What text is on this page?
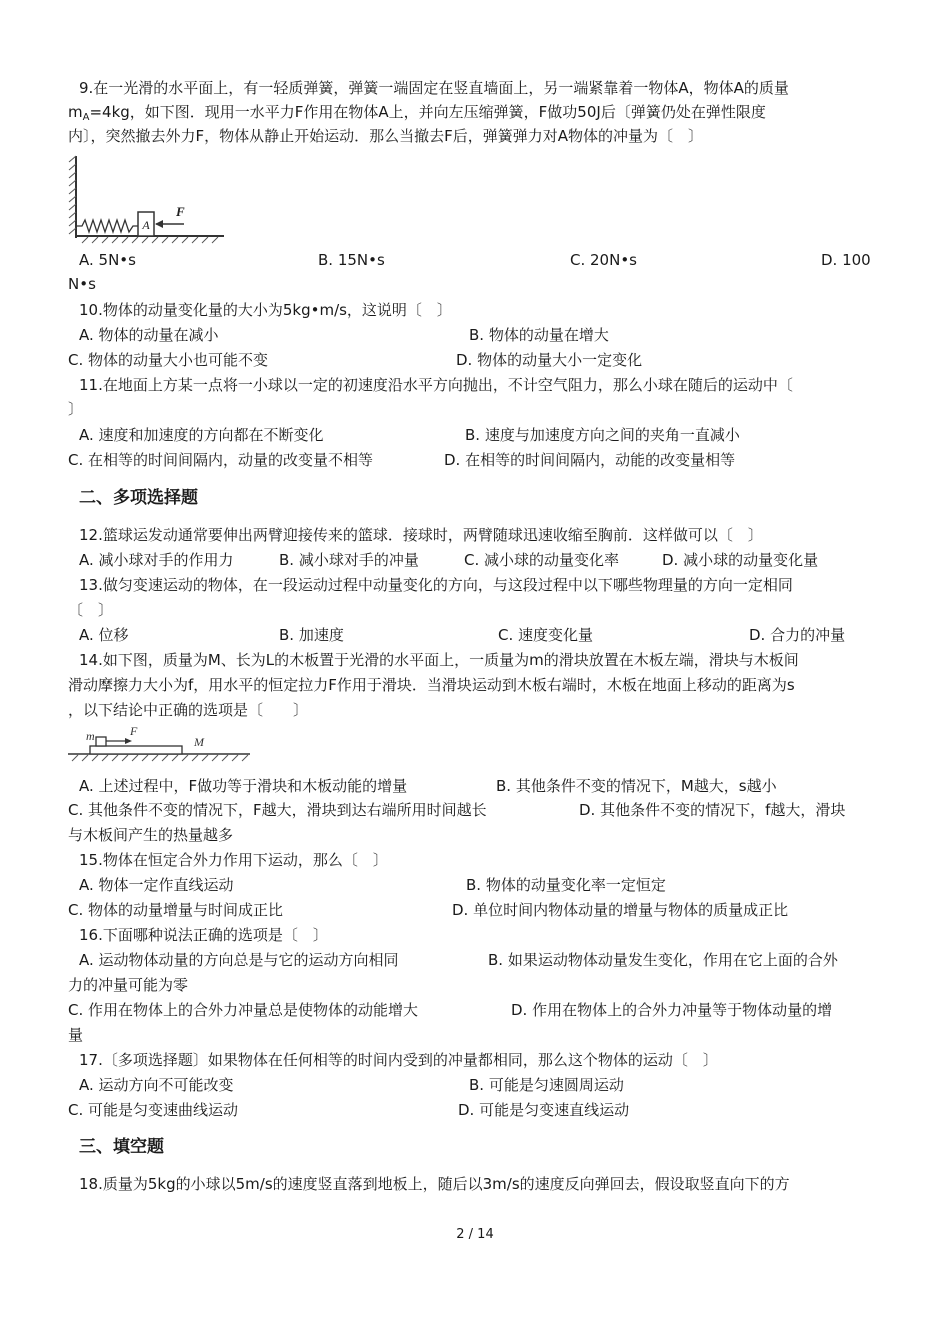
9.在一光滑的水平面上，有一轻质弹簧，弹簧一端固定在竖直墙面上，另一端紧靠着一物体A，物体A的质量
$m_A=4kg$，如下图．现用一水平力F作用在物体A上，并向左压缩弹簧，F做功50J后〔弹簧仍处在弹性限度
内〕，突然撤去外力F，物体从静止开始运动．那么当撤去F后，弹簧弹力对A物体的冲量为〔　〕
A
F
A. 5N•s	B. 15N•s	C. 20N•s	D. 100
N•s
10.物体的动量变化量的大小为5kg•m/s，这说明〔　〕
A. 物体的动量在减小	B. 物体的动量在增大
C. 物体的动量大小也可能不变	D. 物体的动量大小一定变化
11.在地面上方某一点将一小球以一定的初速度沿水平方向抛出，不计空气阻力，那么小球在随后的运动中〔
〕
A. 速度和加速度的方向都在不断变化	B. 速度与加速度方向之间的夹角一直减小
C. 在相等的时间间隔内，动量的改变量不相等	D. 在相等的时间间隔内，动能的改变量相等
二、多项选择题
12.篮球运发动通常要伸出两臂迎接传来的篮球．接球时，两臂随球迅速收缩至胸前．这样做可以〔　〕
A. 减小球对手的作用力	B. 减小球对手的冲量	C. 减小球的动量变化率	D. 减小球的动量变化量
13.做匀变速运动的物体，在一段运动过程中动量变化的方向，与这段过程中以下哪些物理量的方向一定相同
〔　〕
A. 位移	B. 加速度	C. 速度变化量	D. 合力的冲量
14.如下图，质量为M、长为L的木板置于光滑的水平面上，一质量为m的滑块放置在木板左端，滑块与木板间
滑动摩擦力大小为f，用水平的恒定拉力F作用于滑块．当滑块运动到木板右端时，木板在地面上移动的距离为s
，以下结论中正确的选项是〔　　〕
m	F
M
A. 上述过程中，F做功等于滑块和木板动能的增量	B. 其他条件不变的情况下，M越大，s越小
C. 其他条件不变的情况下，F越大，滑块到达右端所用时间越长	D. 其他条件不变的情况下，f越大，滑块
与木板间产生的热量越多
15.物体在恒定合外力作用下运动，那么〔　〕
A. 物体一定作直线运动	B. 物体的动量变化率一定恒定
C. 物体的动量增量与时间成正比	D. 单位时间内物体动量的增量与物体的质量成正比
16.下面哪种说法正确的选项是〔　〕
A. 运动物体动量的方向总是与它的运动方向相同	B. 如果运动物体动量发生变化，作用在它上面的合外
力的冲量可能为零
C. 作用在物体上的合外力冲量总是使物体的动能增大	D. 作用在物体上的合外力冲量等于物体动量的增
量
17.〔多项选择题〕如果物体在任何相等的时间内受到的冲量都相同，那么这个物体的运动〔　〕
A. 运动方向不可能改变	B. 可能是匀速圆周运动
C. 可能是匀变速曲线运动	D. 可能是匀变速直线运动
三、填空题
18.质量为5kg的小球以5m/s的速度竖直落到地板上，随后以3m/s的速度反向弹回去，假设取竖直向下的方
2 / 14
